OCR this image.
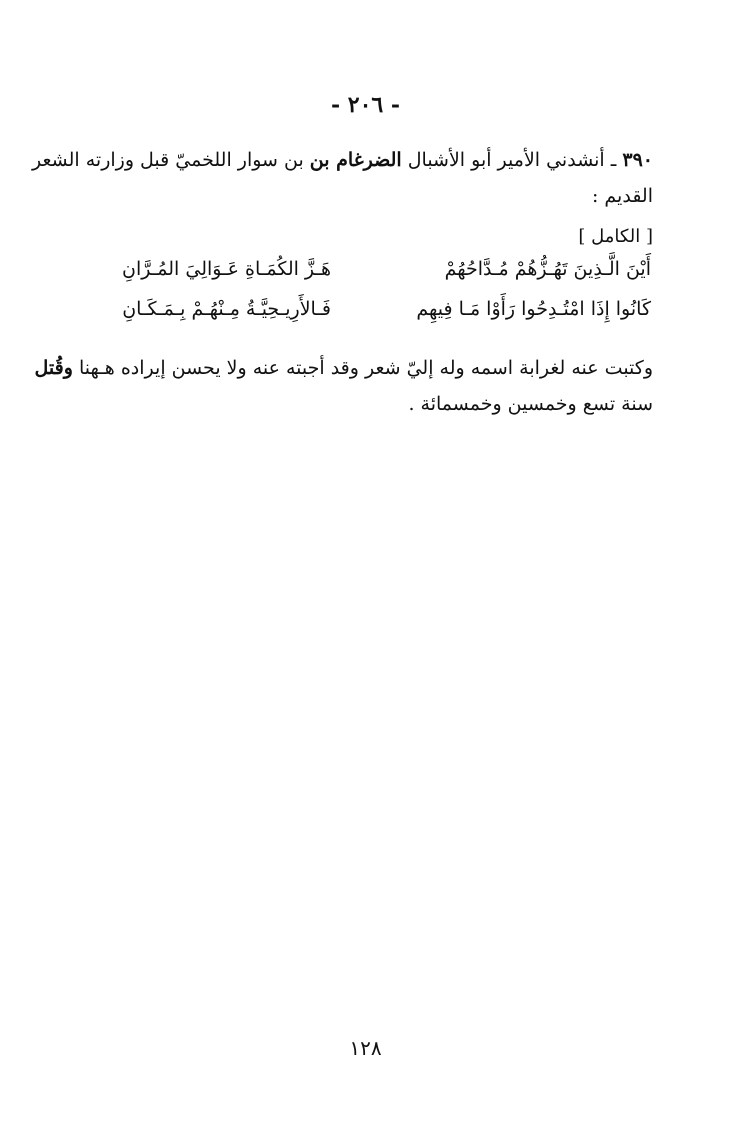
- ٢٠٦ -
٣٩٠ ـ أنشدني الأمير أبو الأشبال الضرغام بن بن سوار اللخميّ قبل وزارته الشعر القديم :
[ الكامل ]
أَيْنَ الَّـذِينَ تَهُـزُّهُمْ مُـدَّاحُهُمْ
هَـزَّ الكُمَـاةِ عَـوَالِيَ المُـرَّانِ
كَانُوا إِذَا امْتُـدِحُوا رَأَوْا مَـا فِيهِم
فَـالأَرِيـحِيَّـةُ مِـنْهُـمْ بِـمَـكَـانِ
وكتبت عنه لغرابة اسمه وله إليّ شعر وقد أجبته عنه ولا يحسن إيراده هـهنا وقُتل سنة تسع وخمسين وخمسمائة .
١٢٨
